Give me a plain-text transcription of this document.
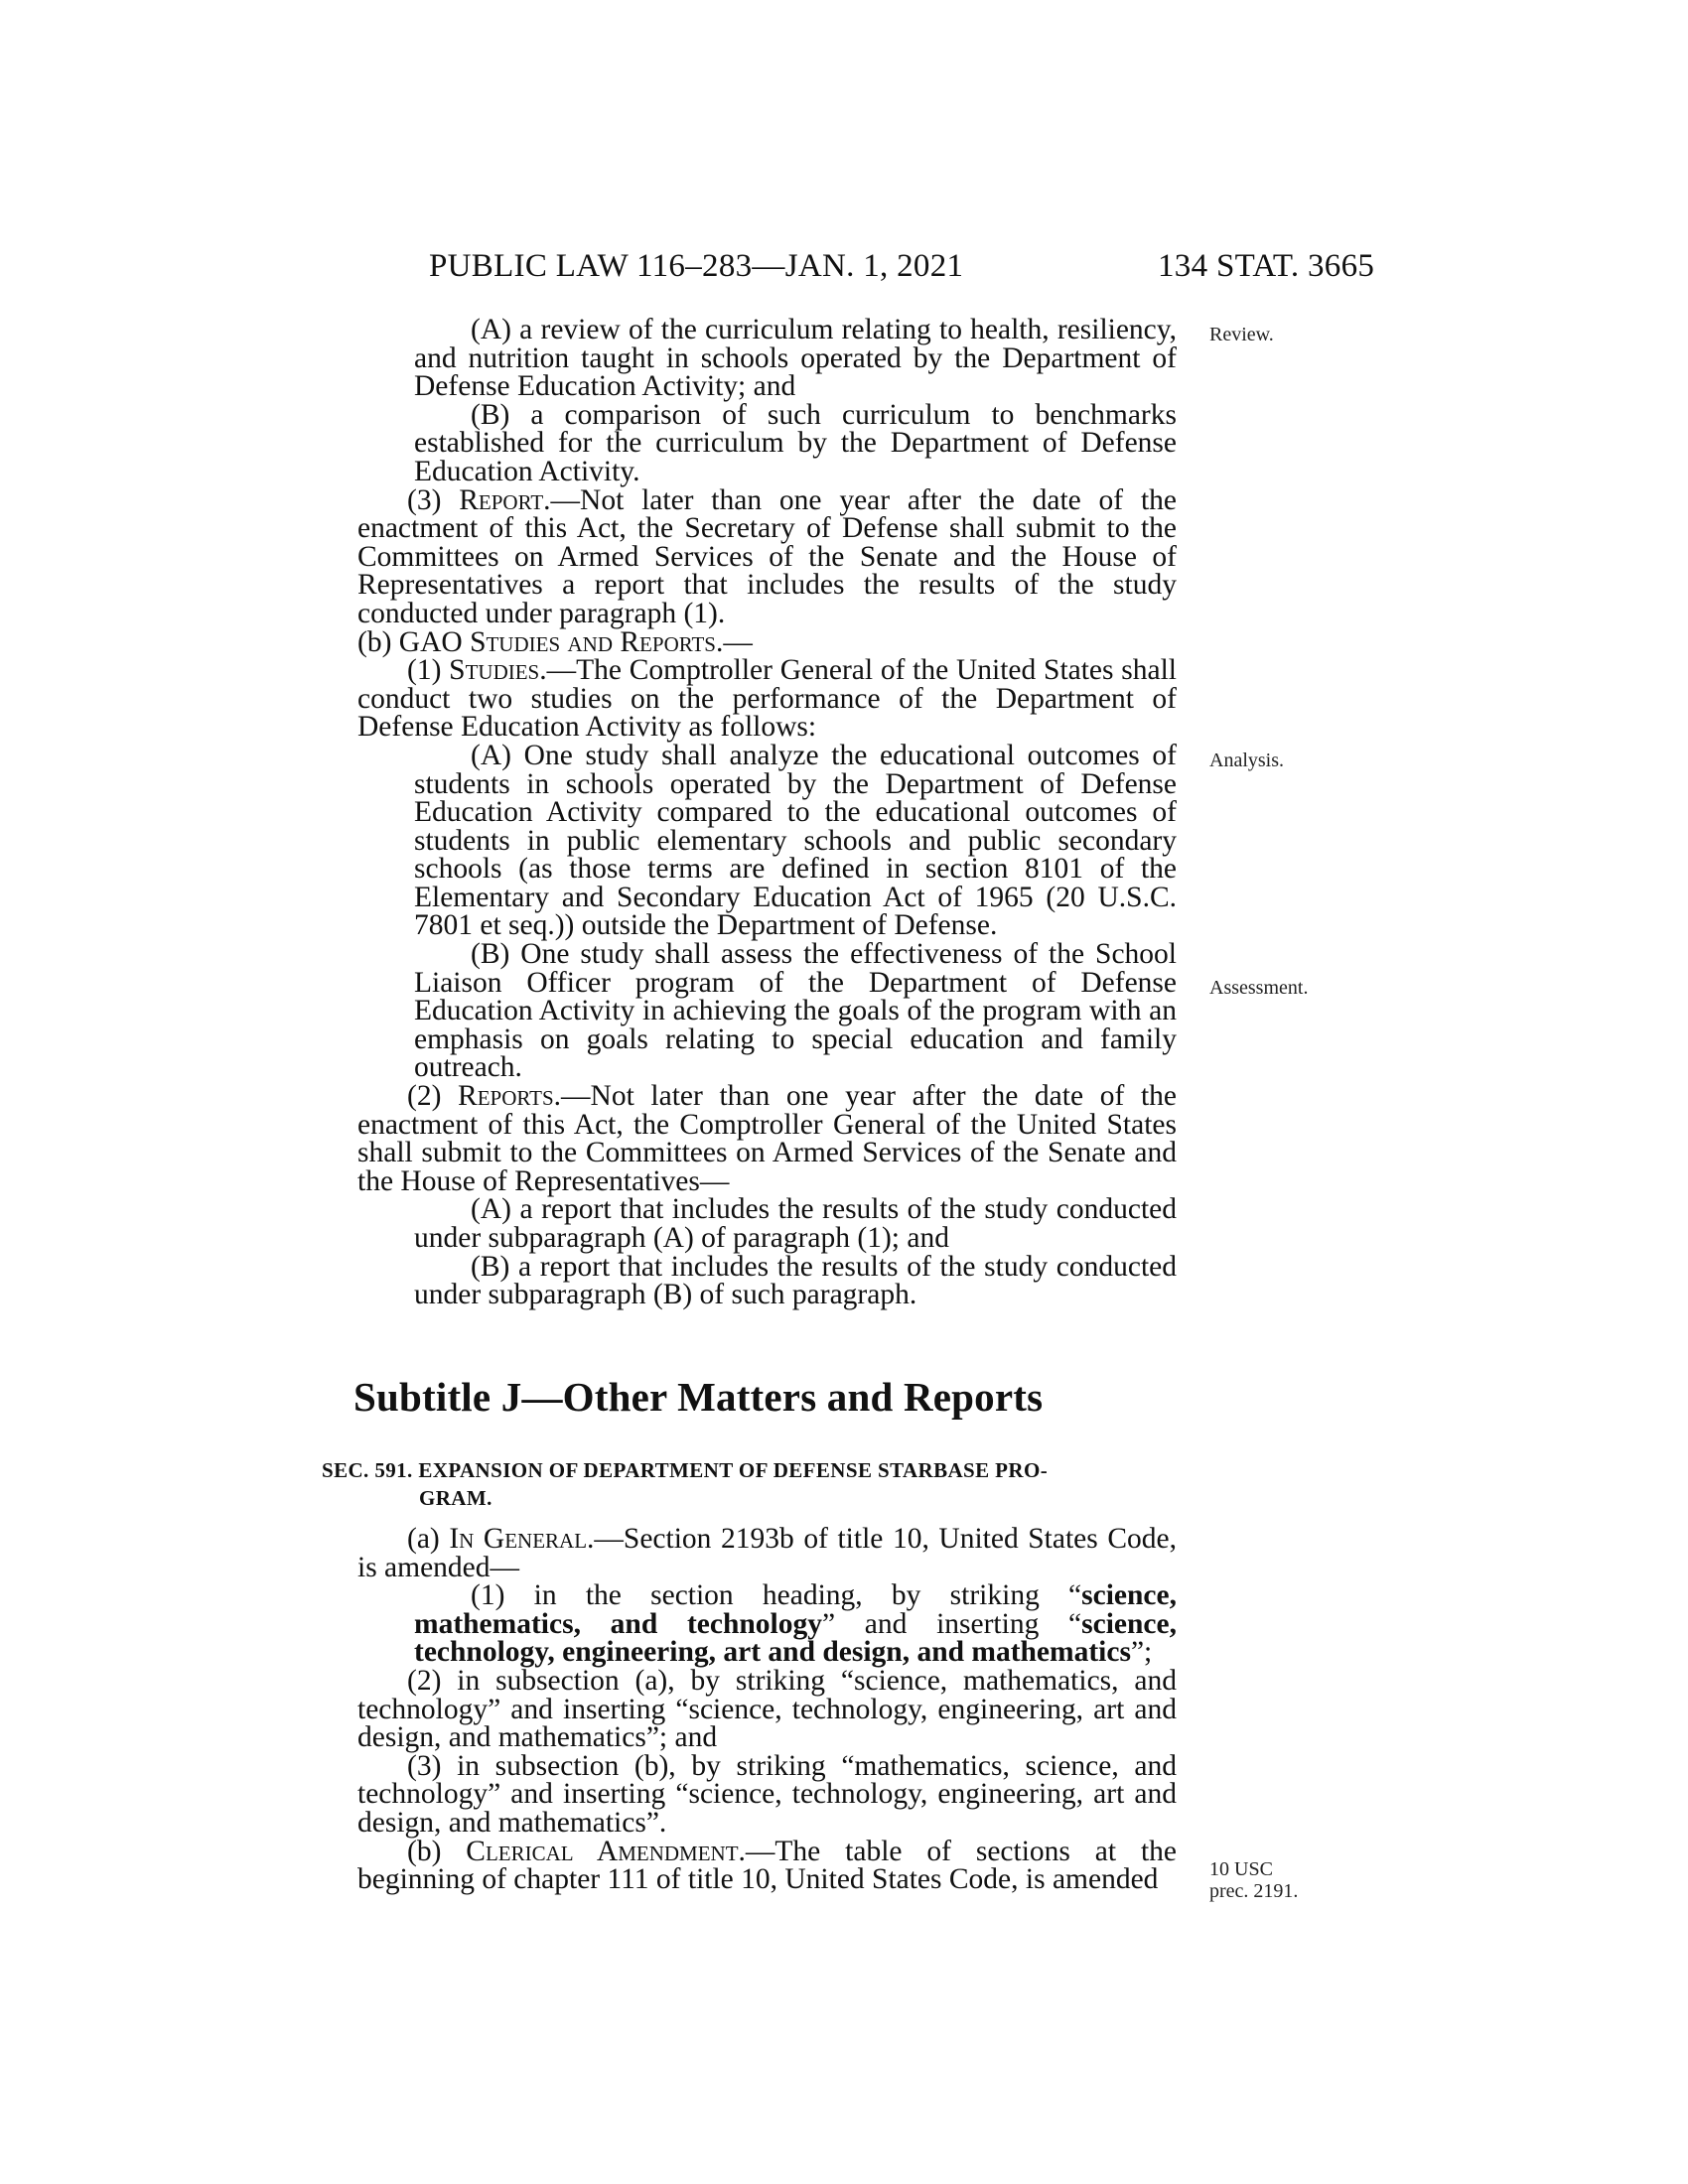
PUBLIC LAW 116–283—JAN. 1, 2021	134 STAT. 3665
Review.
Analysis.
Assessment.
10 USC
prec. 2191.

(A) a review of the curriculum relating to health, resiliency, and nutrition taught in schools operated by the Department of Defense Education Activity; and

(B) a comparison of such curriculum to benchmarks established for the curriculum by the Department of Defense Education Activity.

(3) Report.—Not later than one year after the date of the enactment of this Act, the Secretary of Defense shall submit to the Committees on Armed Services of the Senate and the House of Representatives a report that includes the results of the study conducted under paragraph (1).

(b) GAO Studies and Reports.—

(1) Studies.—The Comptroller General of the United States shall conduct two studies on the performance of the Department of Defense Education Activity as follows:

(A) One study shall analyze the educational outcomes of students in schools operated by the Department of Defense Education Activity compared to the educational outcomes of students in public elementary schools and public secondary schools (as those terms are defined in section 8101 of the Elementary and Secondary Education Act of 1965 (20 U.S.C. 7801 et seq.)) outside the Department of Defense.

(B) One study shall assess the effectiveness of the School Liaison Officer program of the Department of Defense Education Activity in achieving the goals of the program with an emphasis on goals relating to special education and family outreach.

(2) Reports.—Not later than one year after the date of the enactment of this Act, the Comptroller General of the United States shall submit to the Committees on Armed Services of the Senate and the House of Representatives—

(A) a report that includes the results of the study conducted under subparagraph (A) of paragraph (1); and

(B) a report that includes the results of the study conducted under subparagraph (B) of such paragraph.

Subtitle J—Other Matters and Reports
SEC. 591. EXPANSION OF DEPARTMENT OF DEFENSE STARBASE PRO-
GRAM.

(a) In General.—Section 2193b of title 10, United States Code, is amended—

(1) in the section heading, by striking “science, mathematics, and technology” and inserting “science, technology, engineering, art and design, and mathematics”;

(2) in subsection (a), by striking “science, mathematics, and technology” and inserting “science, technology, engineering, art and design, and mathematics”; and

(3) in subsection (b), by striking “mathematics, science, and technology” and inserting “science, technology, engineering, art and design, and mathematics”.

(b) Clerical Amendment.—The table of sections at the beginning of chapter 111 of title 10, United States Code, is amended
